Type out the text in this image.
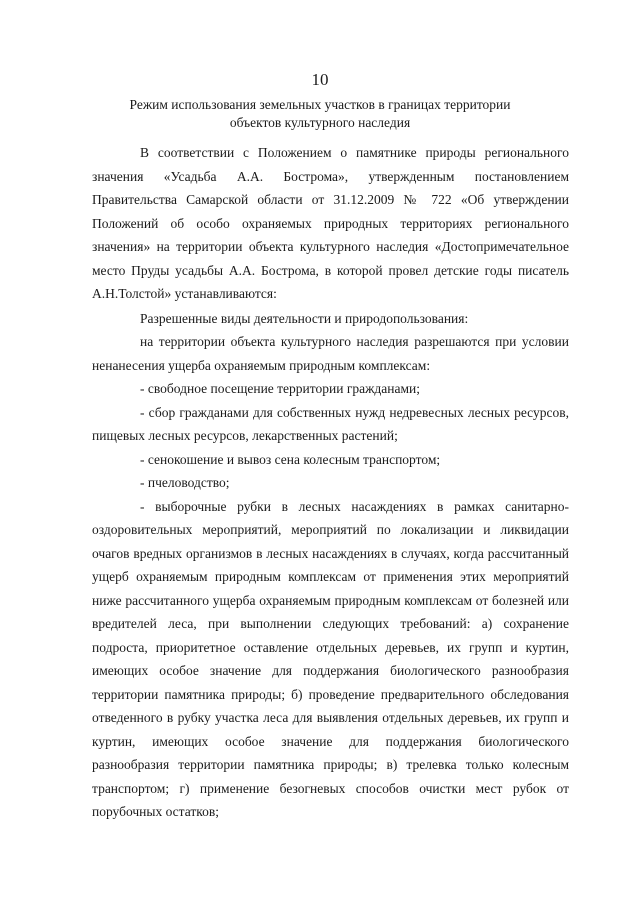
10
Режим использования земельных участков в границах территории
объектов культурного наследия

В соответствии с Положением о памятнике природы регионального значения «Усадьба А.А. Бострома», утвержденным постановлением Правительства Самарской области от 31.12.2009 № 722 «Об утверждении Положений об особо охраняемых природных территориях регионального значения» на территории объекта культурного наследия «Достопримечательное место Пруды усадьбы А.А. Бострома, в которой провел детские годы писатель А.Н.Толстой» устанавливаются:

Разрешенные виды деятельности и природопользования:

на территории объекта культурного наследия разрешаются при условии ненанесения ущерба охраняемым природным комплексам:

- свободное посещение территории гражданами;

- сбор гражданами для собственных нужд недревесных лесных ресурсов, пищевых лесных ресурсов, лекарственных растений;

- сенокошение и вывоз сена колесным транспортом;

- пчеловодство;

- выборочные рубки в лесных насаждениях в рамках санитарно-оздоровительных мероприятий, мероприятий по локализации и ликвидации очагов вредных организмов в лесных насаждениях в случаях, когда рассчитанный ущерб охраняемым природным комплексам от применения этих мероприятий ниже рассчитанного ущерба охраняемым природным комплексам от болезней или вредителей леса, при выполнении следующих требований: а) сохранение подроста, приоритетное оставление отдельных деревьев, их групп и куртин, имеющих особое значение для поддержания биологического разнообразия территории памятника природы; б) проведение предварительного обследования отведенного в рубку участка леса для выявления отдельных деревьев, их групп и куртин, имеющих особое значение для поддержания биологического разнообразия территории памятника природы; в) трелевка только колесным транспортом; г) применение безогневых способов очистки мест рубок от порубочных остатков;
